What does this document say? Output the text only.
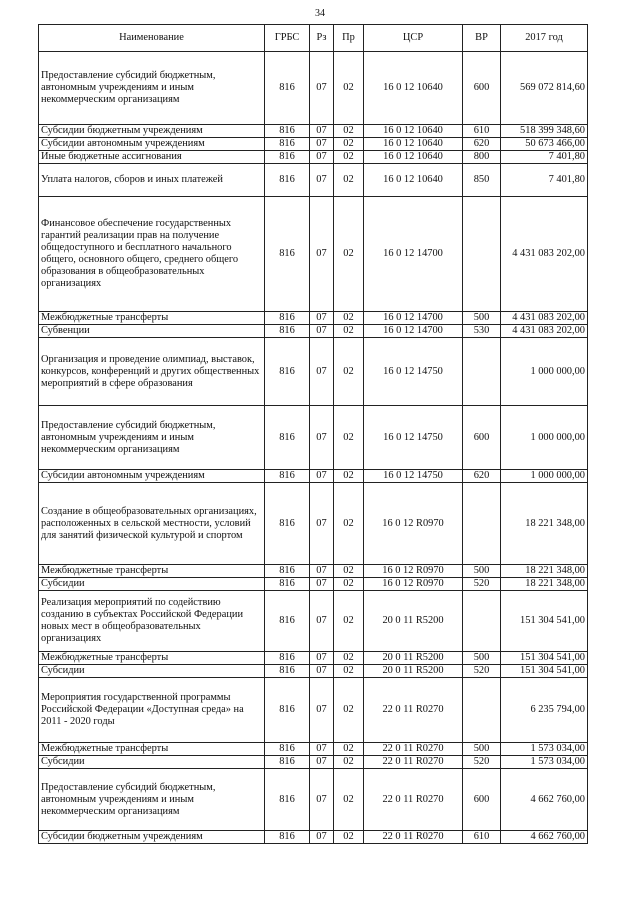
34
Наименование	ГРБС	Рз	Пр	ЦСР	ВР	2017 год
Предоставление субсидий бюджетным, автономным учреждениям и иным некоммерческим организациям	816	07	02	16 0 12 10640	600	569 072 814,60
Субсидии бюджетным учреждениям	816	07	02	16 0 12 10640	610	518 399 348,60
Субсидии автономным учреждениям	816	07	02	16 0 12 10640	620	50 673 466,00
Иные бюджетные ассигнования	816	07	02	16 0 12 10640	800	7 401,80
Уплата налогов, сборов и иных платежей	816	07	02	16 0 12 10640	850	7 401,80
Финансовое обеспечение государственных гарантий реализации прав на получение общедоступного и бесплатного начального общего, основного общего, среднего общего образования в общеобразовательных организациях	816	07	02	16 0 12 14700		4 431 083 202,00
Межбюджетные трансферты	816	07	02	16 0 12 14700	500	4 431 083 202,00
Субвенции	816	07	02	16 0 12 14700	530	4 431 083 202,00
Организация и проведение олимпиад, выставок, конкурсов, конференций и других общественных мероприятий в сфере образования	816	07	02	16 0 12 14750		1 000 000,00
Предоставление субсидий бюджетным, автономным учреждениям и иным некоммерческим организациям	816	07	02	16 0 12 14750	600	1 000 000,00
Субсидии автономным учреждениям	816	07	02	16 0 12 14750	620	1 000 000,00
Создание в общеобразовательных организациях, расположенных в сельской местности, условий для занятий физической культурой и спортом	816	07	02	16 0 12 R0970		18 221 348,00
Межбюджетные трансферты	816	07	02	16 0 12 R0970	500	18 221 348,00
Субсидии	816	07	02	16 0 12 R0970	520	18 221 348,00
Реализация мероприятий по содействию созданию в субъектах Российской Федерации новых мест в общеобразовательных организациях	816	07	02	20 0 11 R5200		151 304 541,00
Межбюджетные трансферты	816	07	02	20 0 11 R5200	500	151 304 541,00
Субсидии	816	07	02	20 0 11 R5200	520	151 304 541,00
Мероприятия государственной программы Российской Федерации «Доступная среда» на 2011 - 2020 годы	816	07	02	22 0 11 R0270		6 235 794,00
Межбюджетные трансферты	816	07	02	22 0 11 R0270	500	1 573 034,00
Субсидии	816	07	02	22 0 11 R0270	520	1 573 034,00
Предоставление субсидий бюджетным, автономным учреждениям и иным некоммерческим организациям	816	07	02	22 0 11 R0270	600	4 662 760,00
Субсидии бюджетным учреждениям	816	07	02	22 0 11 R0270	610	4 662 760,00
